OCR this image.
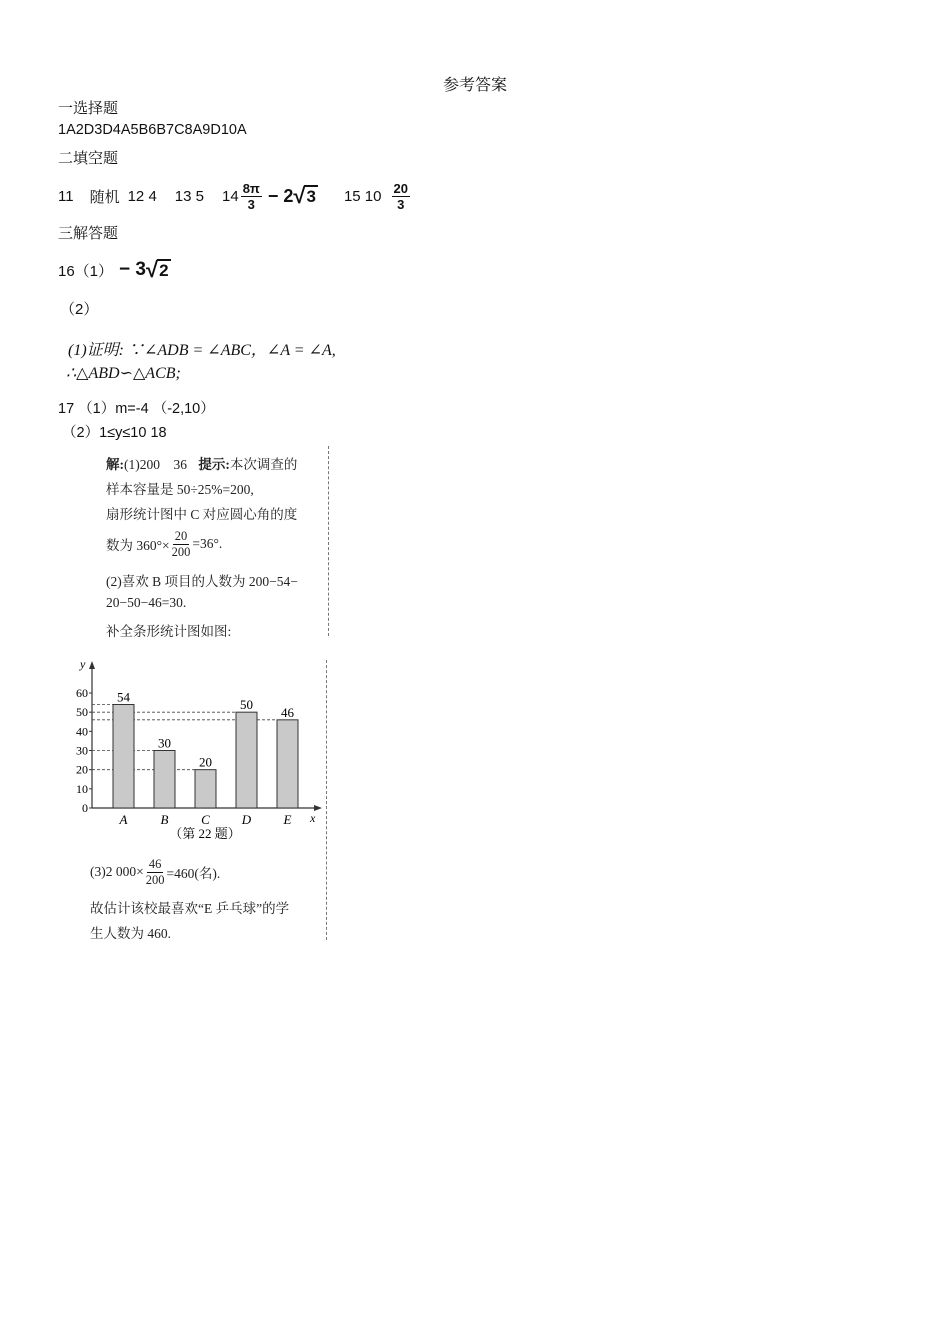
参考答案
一选择题
1A2D3D4A5B6B7C8A9D10A
二填空题
11 随机 12 4 13 5 $14 \frac{8\pi}{3} - 2$ √ 3 15 $10 \frac{20}{3}$
三解答题
16（1） − 3 √ 2
（2）
(1)证明: ∵∠ADB = ∠ABC，∠A = ∠A,
∴△ABD∽△ACB;
17 （1）m=-4 （-2,10）
（2）1≤y≤10 18
解:(1)200　36 提示:本次调查的
样本容量是 50÷25%=200,
扇形统计图中 C 对应圆心角的度
数为 $360^\circ\times \frac{20}{200} =36^\circ$.
(2)喜欢 B 项目的人数为 200−54−
20−50−46=30.
补全条形统计图如图:
y
x
0
10
20
30
40
50
60 54
A
30
B
20
C
50
D
46
E
（第 22 题）
(3)2 $000\times \frac{46}{200} =460$(名).
故估计该校最喜欢“E 乒乓球”的学
生人数为 460.
